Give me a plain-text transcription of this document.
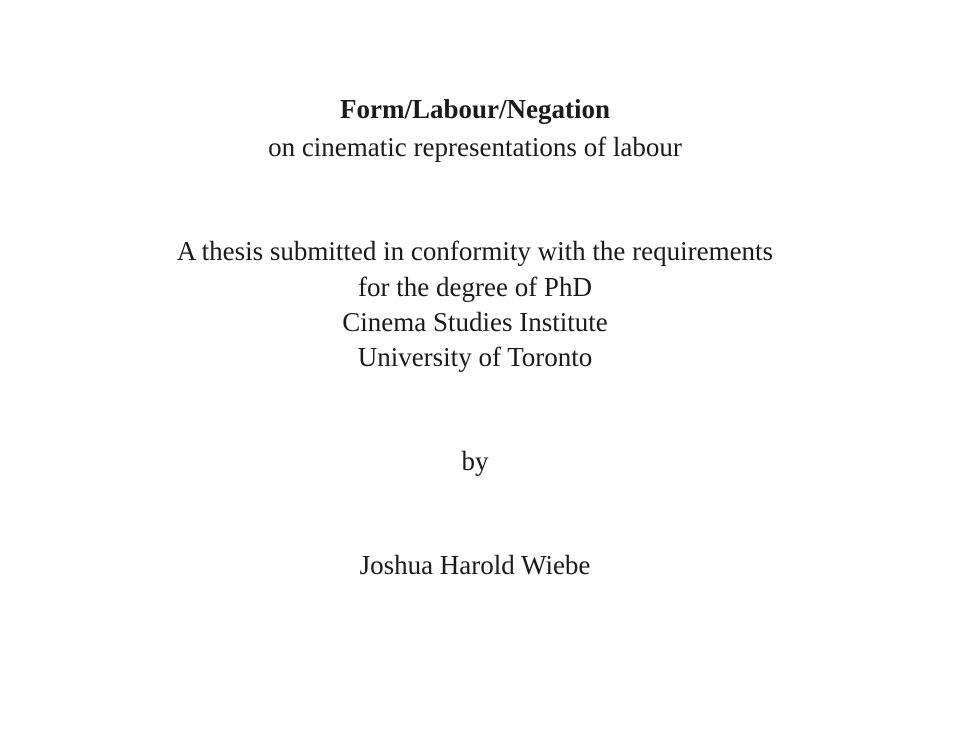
Form/Labour/Negation
on cinematic representations of labour
A thesis submitted in conformity with the requirements
for the degree of PhD
Cinema Studies Institute
University of Toronto
by
Joshua Harold Wiebe
